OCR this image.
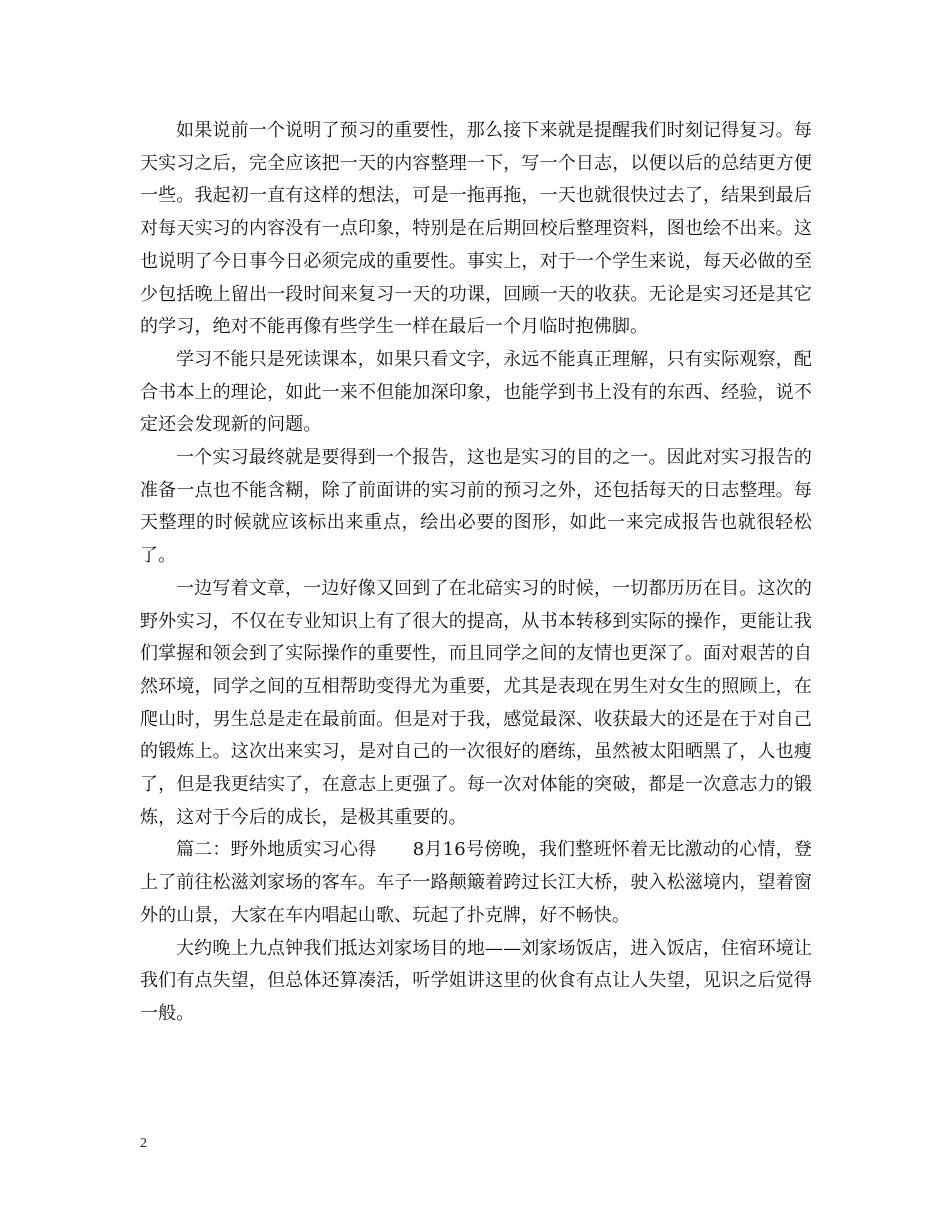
如果说前一个说明了预习的重要性，那么接下来就是提醒我们时刻记得复习。每天实习之后，完全应该把一天的内容整理一下，写一个日志，以便以后的总结更方便一些。我起初一直有这样的想法，可是一拖再拖，一天也就很快过去了，结果到最后对每天实习的内容没有一点印象，特别是在后期回校后整理资料，图也绘不出来。这也说明了今日事今日必须完成的重要性。事实上，对于一个学生来说，每天必做的至少包括晚上留出一段时间来复习一天的功课，回顾一天的收获。无论是实习还是其它的学习，绝对不能再像有些学生一样在最后一个月临时抱佛脚。

学习不能只是死读课本，如果只看文字，永远不能真正理解，只有实际观察，配合书本上的理论，如此一来不但能加深印象，也能学到书上没有的东西、经验，说不定还会发现新的问题。

一个实习最终就是要得到一个报告，这也是实习的目的之一。因此对实习报告的准备一点也不能含糊，除了前面讲的实习前的预习之外，还包括每天的日志整理。每天整理的时候就应该标出来重点，绘出必要的图形，如此一来完成报告也就很轻松了。

一边写着文章，一边好像又回到了在北碚实习的时候，一切都历历在目。这次的野外实习，不仅在专业知识上有了很大的提高，从书本转移到实际的操作，更能让我们掌握和领会到了实际操作的重要性，而且同学之间的友情也更深了。面对艰苦的自然环境，同学之间的互相帮助变得尤为重要，尤其是表现在男生对女生的照顾上，在爬山时，男生总是走在最前面。但是对于我，感觉最深、收获最大的还是在于对自己的锻炼上。这次出来实习，是对自己的一次很好的磨练，虽然被太阳晒黑了，人也瘦了，但是我更结实了，在意志上更强了。每一次对体能的突破，都是一次意志力的锻炼，这对于今后的成长，是极其重要的。

篇二：野外地质实习心得　　8月16号傍晚，我们整班怀着无比激动的心情，登上了前往松滋刘家场的客车。车子一路颠簸着跨过长江大桥，驶入松滋境内，望着窗外的山景，大家在车内唱起山歌、玩起了扑克牌，好不畅快。

大约晚上九点钟我们抵达刘家场目的地——刘家场饭店，进入饭店，住宿环境让我们有点失望，但总体还算凑活，听学姐讲这里的伙食有点让人失望，见识之后觉得一般。

2
